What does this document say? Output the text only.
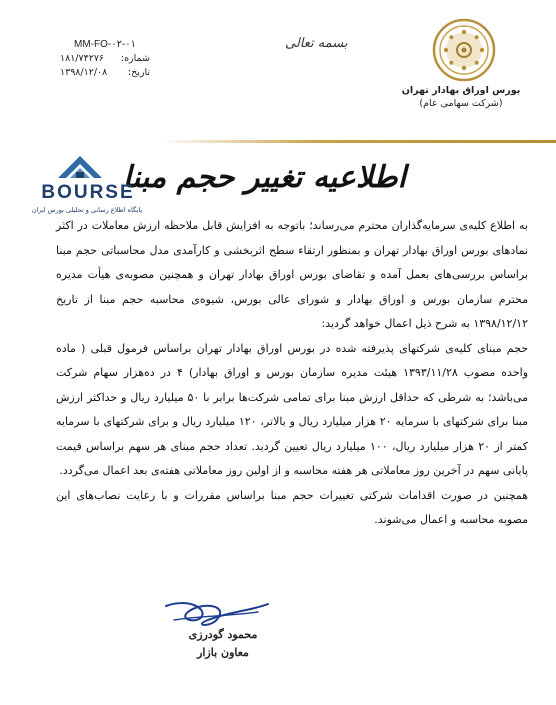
MM-FO-۰۲-۰۱
شماره:
۱۸۱/۷۴۲۷۶
تاریخ:
۱۳۹۸/۱۲/۰۸
بسمه تعالی
بورس اوراق بهادار تهران
(شرکت سهامی عام)
اطلاعیه تغییر حجم مبنا
BOURSE
پایگاه اطلاع رسانی و تحلیلی بورس ایران

به اطلاع کلیه‌ی سرمایه‌گذاران محترم می‌رساند؛ باتوجه به افزایش قابل ملاحظه ارزش معاملات در اکثر نمادهای بورس اوراق بهادار تهران و بمنظور ارتقاء سطح اثربخشی و کارآمدی مدل محاسباتی حجم مبنا براساس بررسی‌های بعمل آمده و تقاضای بورس اوراق بهادار تهران و همچنین مصوبه‌ی هیأت مدیره محترم سازمان بورس و اوراق بهادار و شورای عالی بورس، شیوه‌ی محاسبه حجم مبنا از تاریخ ۱۳۹۸/۱۲/۱۲ به شرح ذیل اعمال خواهد گردید:

حجم مبنای کلیه‌ی شرکتهای پذیرفته شده در بورس اوراق بهادار تهران براساس فرمول قبلی ( ماده واحده مصوب ۱۳۹۳/۱۱/۲۸ هیئت مدیره سازمان بورس و اوراق بهادار) ۴ در ده‌هزار سهام شرکت می‌باشد؛ به شرطی که حداقل ارزش مبنا برای تمامی شرکت‌ها برابر با ۵۰ میلیارد ریال و حداکثر ارزش مبنا برای شرکتهای با سرمایه ۲۰ هزار میلیارد ریال و بالاتر، ۱۲۰ میلیارد ریال و برای شرکتهای با سرمایه کمتر از ۲۰ هزار میلیارد ریال، ۱۰۰ میلیارد ریال تعیین گردید. تعداد حجم مبنای هر سهم براساس قیمت پایانی سهم در آخرین روز معاملاتی هر هفته محاسبه و از اولین روز معاملاتی هفته‌ی بعد اعمال می‌گردد.

همچنین در صورت اقدامات شرکتی تغییرات حجم مبنا براساس مقررات و با رعایت نصاب‌های این مصوبه محاسبه و اعمال می‌شوند.

محمود گودرزی
معاون بازار
